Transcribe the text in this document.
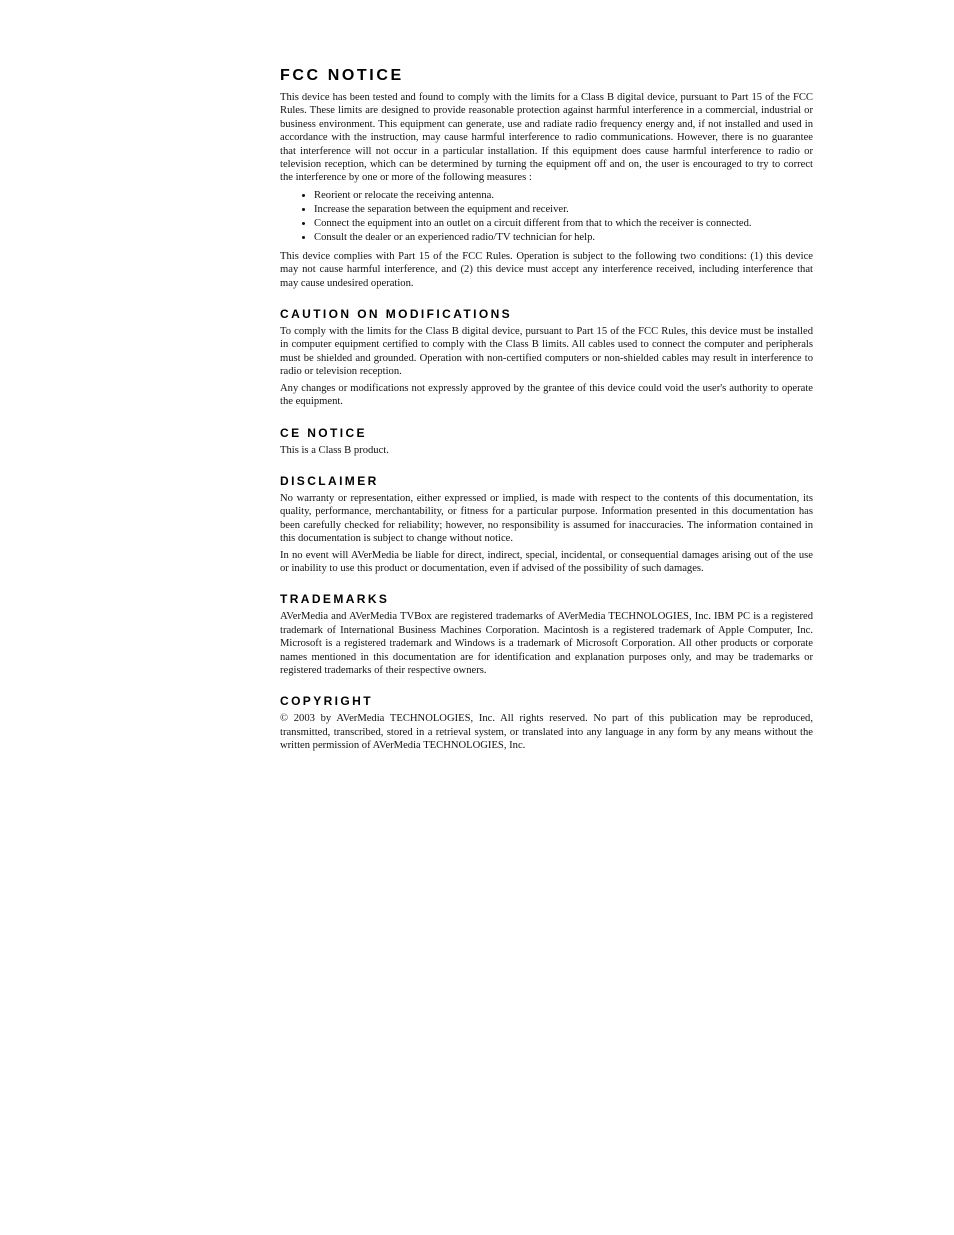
FCC NOTICE

This device has been tested and found to comply with the limits for a Class B digital device, pursuant to Part 15 of the FCC Rules. These limits are designed to provide reasonable protection against harmful interference in a commercial, industrial or business environment. This equipment can generate, use and radiate radio frequency energy and, if not installed and used in accordance with the instruction, may cause harmful interference to radio communications. However, there is no guarantee that interference will not occur in a particular installation. If this equipment does cause harmful interference to radio or television reception, which can be determined by turning the equipment off and on, the user is encouraged to try to correct the interference by one or more of the following measures :

• Reorient or relocate the receiving antenna.
• Increase the separation between the equipment and receiver.
• Connect the equipment into an outlet on a circuit different from that to which the receiver is connected.
• Consult the dealer or an experienced radio/TV technician for help.

This device complies with Part 15 of the FCC Rules. Operation is subject to the following two conditions: (1) this device may not cause harmful interference, and (2) this device must accept any interference received, including interference that may cause undesired operation.

CAUTION ON MODIFICATIONS

To comply with the limits for the Class B digital device, pursuant to Part 15 of the FCC Rules, this device must be installed in computer equipment certified to comply with the Class B limits. All cables used to connect the computer and peripherals must be shielded and grounded. Operation with non-certified computers or non-shielded cables may result in interference to radio or television reception.

Any changes or modifications not expressly approved by the grantee of this device could void the user's authority to operate the equipment.

CE NOTICE

This is a Class B product.

DISCLAIMER

No warranty or representation, either expressed or implied, is made with respect to the contents of this documentation, its quality, performance, merchantability, or fitness for a particular purpose. Information presented in this documentation has been carefully checked for reliability; however, no responsibility is assumed for inaccuracies. The information contained in this documentation is subject to change without notice.

In no event will AVerMedia be liable for direct, indirect, special, incidental, or consequential damages arising out of the use or inability to use this product or documentation, even if advised of the possibility of such damages.

TRADEMARKS

AVerMedia and AVerMedia TVBox are registered trademarks of AVerMedia TECHNOLOGIES, Inc. IBM PC is a registered trademark of International Business Machines Corporation. Macintosh is a registered trademark of Apple Computer, Inc. Microsoft is a registered trademark and Windows is a trademark of Microsoft Corporation. All other products or corporate names mentioned in this documentation are for identification and explanation purposes only, and may be trademarks or registered trademarks of their respective owners.

COPYRIGHT

© 2003 by AVerMedia TECHNOLOGIES, Inc. All rights reserved. No part of this publication may be reproduced, transmitted, transcribed, stored in a retrieval system, or translated into any language in any form by any means without the written permission of AVerMedia TECHNOLOGIES, Inc.
